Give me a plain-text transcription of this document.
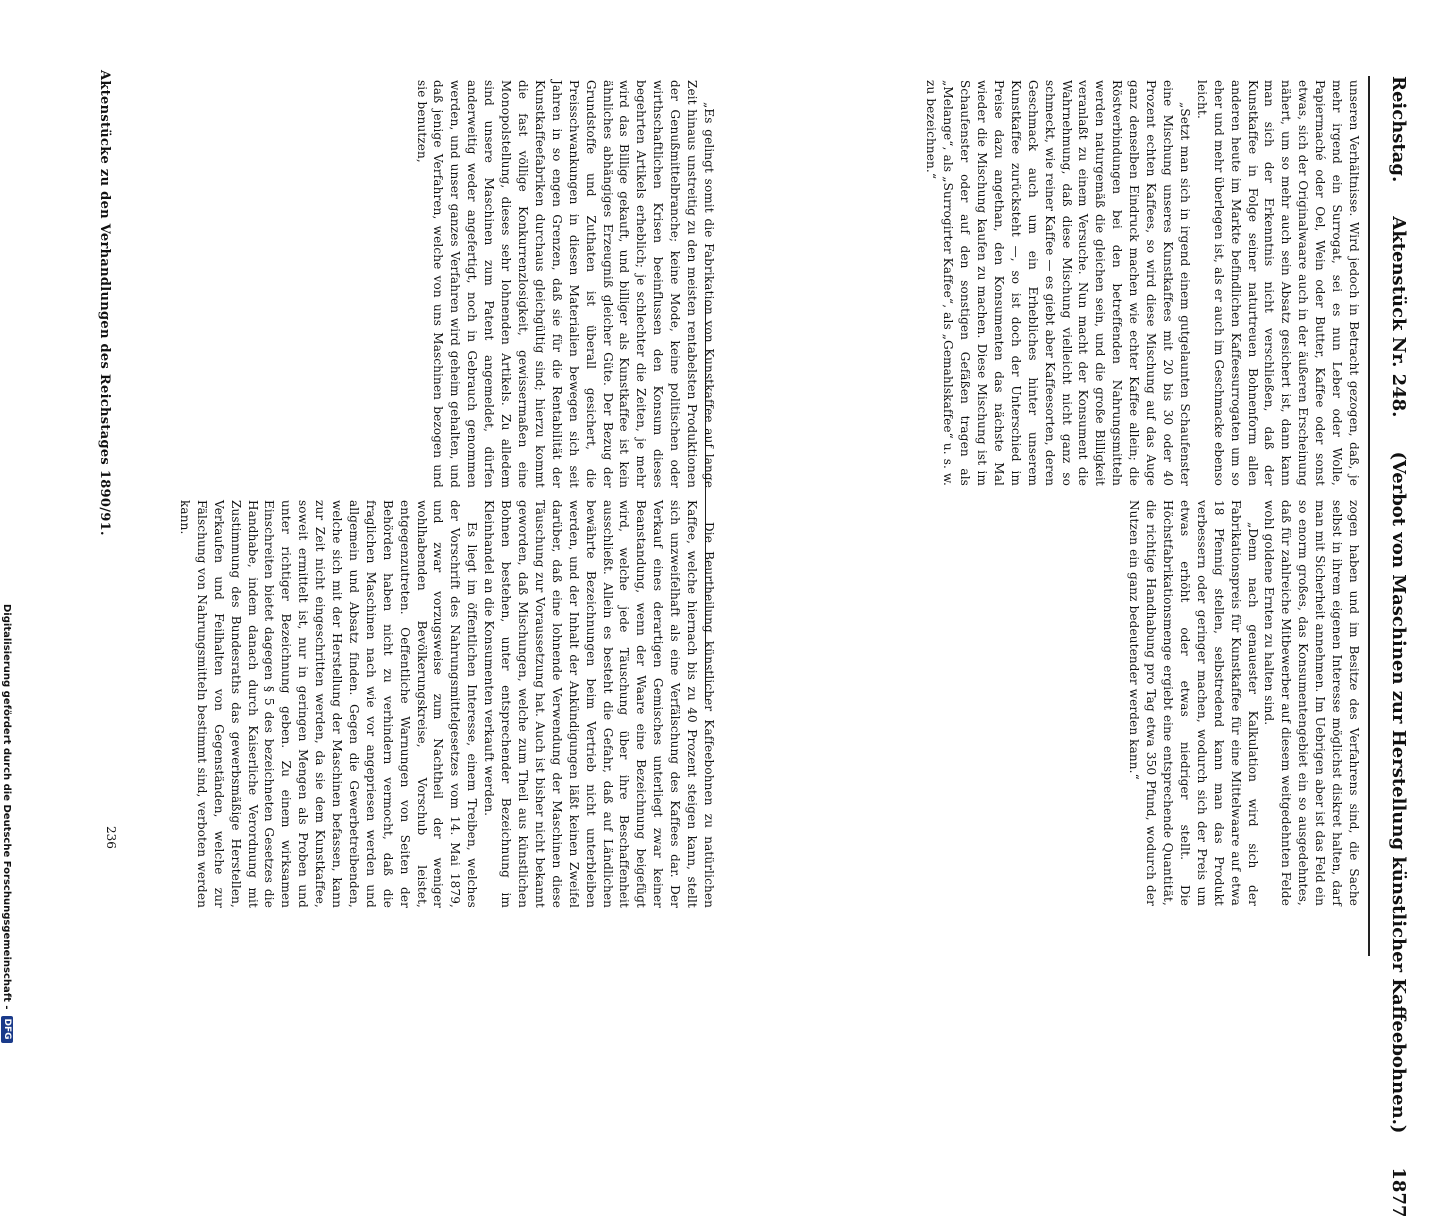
Reichstag.
Aktenstück Nr. 248.
(Verbot von Maschinen zur Herstellung künstlicher Kaffeebohnen.)
1877

unseren Verhältnisse. Wird jedoch in Betracht gezogen, daß, je mehr irgend ein Surrogat, sei es nun Leber oder Wolle, Papiermaché oder Oel, Wein oder Butter, Kaffee oder sonst etwas, sich der Originalwaare auch in der äußeren Erscheinung nähert, um so mehr auch sein Absatz gesichert ist, dann kann man sich der Erkenntnis nicht verschließen, daß der Kunstkaffee in Folge seiner naturtreuen Bohnenform allen anderen heute im Markte befindlichen Kaffeesurrogaten um so eher und mehr überlegen ist, als er auch im Geschmacke ebenso leicht.

„Setzt man sich in irgend einem gutgelaunten Schaufenster eine Mischung unseres Kunstkaffees mit 20 bis 30 oder 40 Prozent echten Kaffees, so wird diese Mischung auf das Auge ganz denselben Eindruck machen wie echter Kaffee allein; die Röstverbindungen bei den betreffenden Nahrungsmitteln werden naturgemäß die gleichen sein, und die große Billigkeit veranlaßt zu einem Versuche. Nun macht der Konsument die Wahrnehmung, daß diese Mischung vielleicht nicht ganz so schmeckt, wie reiner Kaffee — es giebt aber Kaffeesorten, deren Geschmack auch um ein Erhebliches hinter unserem Kunstkaffee zurücksteht —, so ist doch der Unterschied im Preise dazu angethan, den Konsumenten das nächste Mal wieder die Mischung kaufen zu machen. Diese Mischung ist im Schaufenster oder auf den sonstigen Gefäßen tragen als „Melange“, als „Surrogirter Kaffee“, als „Gemahlskaffee“ u. s. w. zu bezeichnen.“

„Es gelingt somit die Fabrikation von Kunstkaffee auf lange Zeit hinaus unstreitig zu den meisten rentabelsten Produktionen der Genußmittelbranche; keine Mode, keine politischen oder wirthschaftlichen Krisen beeinflussen den Konsum dieses begehrten Artikels erheblich; je schlechter die Zeiten, je mehr wird das Billige gekauft, und billiger als Kunstkaffee ist kein ähnliches abhängiges Erzeugniß gleicher Güte. Der Bezug der Grundstoffe und Zuthaten ist überall gesichert, die Preisschwankungen in diesen Materialien bewegen sich seit Jahren in so engen Grenzen, daß sie für die Rentabilität der Kunstkaffeefabriken durchaus gleichgültig sind; hierzu kommt die fast völlige Konkurrenzlosigkeit, gewissermaßen eine Monopolstellung, dieses sehr lohnenden Artikels. Zu alledem sind unsere Maschinen zum Patent angemeldet, dürfen anderweitig weder angefertigt, noch in Gebrauch genommen werden, und unser ganzes Verfahren wird geheim gehalten, und daß jenige Verfahren, welche von uns Maschinen bezogen und sie benutzen,

zogen haben und im Besitze des Verfahrens sind, die Sache selbst in ihrem eigenen Interesse möglichst diskret halten, darf man mit Sicherheit annehmen. Im Uebrigen aber ist das Feld ein so enorm großes, das Konsumentengebiet ein so ausgedehntes, daß für zahlreiche Mitbewerber auf diesem weitgedehnten Felde wohl goldene Ernten zu halten sind.

„Denn nach genauester Kalkulation wird sich der Fabrikationspreis für Kunstkaffee für eine Mittelwaare auf etwa 18 Pfennig stellen, selbstredend kann man das Produkt verbessern oder geringer machen, wodurch sich der Preis um etwas erhöht oder etwas niedriger stellt. Die Höchstfabrikationsmenge ergiebt eine entsprechende Quantität, die richtige Handhabung pro Tag etwa 350 Pfund, wodurch der Nutzen ein ganz bedeutender werden kann.“

Die Beurtheilung künstlicher Kaffeebohnen zu natürlichen Kaffee, welche hiernach bis zu 40 Prozent steigen kann, stellt sich unzweifelhaft als eine Verfälschung des Kaffees dar. Der Verkauf eines derartigen Gemisches unterliegt zwar keiner Beanstandung, wenn der Waare eine Bezeichnung beigefügt wird, welche jede Täuschung über ihre Beschaffenheit ausschließt. Allein es besteht die Gefahr, daß auf Ländlichen bewährte Bezeichnungen beim Vertrieb nicht unterbleiben werden, und der Inhalt der Ankündigungen läßt keinen Zweifel darüber, daß eine lohnende Verwendung der Maschinen diese Täuschung zur Voraussetzung hat. Auch ist bisher nicht bekannt geworden, daß Mischungen, welche zum Theil aus künstlichen Bohnen bestehen, unter entsprechender Bezeichnung im Kleinhandel an die Konsumenten verkauft werden.

Es liegt im öffentlichen Interesse, einem Treiben, welches der Vorschrift des Nahrungsmittelgesetzes vom 14. Mai 1879, und zwar vorzugsweise zum Nachtheil der weniger wohlhabenden Bevölkerungskreise, Vorschub leistet, entgegenzutreten. Oeffentliche Warnungen von Seiten der Behörden haben nicht zu verhindern vermocht, daß die fraglichen Maschinen nach wie vor angepriesen werden und allgemein und Absatz finden. Gegen die Gewerbetreibenden, welche sich mit der Herstellung der Maschinen befassen, kann zur Zeit nicht eingeschritten werden, da sie dem Kunstkaffee, soweit ermittelt ist, nur in geringen Mengen als Proben und unter richtiger Bezeichnung geben. Zu einem wirksamen Einschreiten bietet dagegen § 5 des bezeichneten Gesetzes die Handhabe, indem danach durch Kaiserliche Verordnung mit Zustimmung des Bundesraths das gewerbsmäßige Herstellen, Verkaufen und Feilhalten von Gegenständen, welche zur Fälschung von Nahrungsmitteln bestimmt sind, verboten werden kann.

Aktenstücke zu den Verhandlungen des Reichstages 1890/91.
236
Digitalisierung gefördert durch die Deutsche Forschungsgemeinschaft -
DFG
